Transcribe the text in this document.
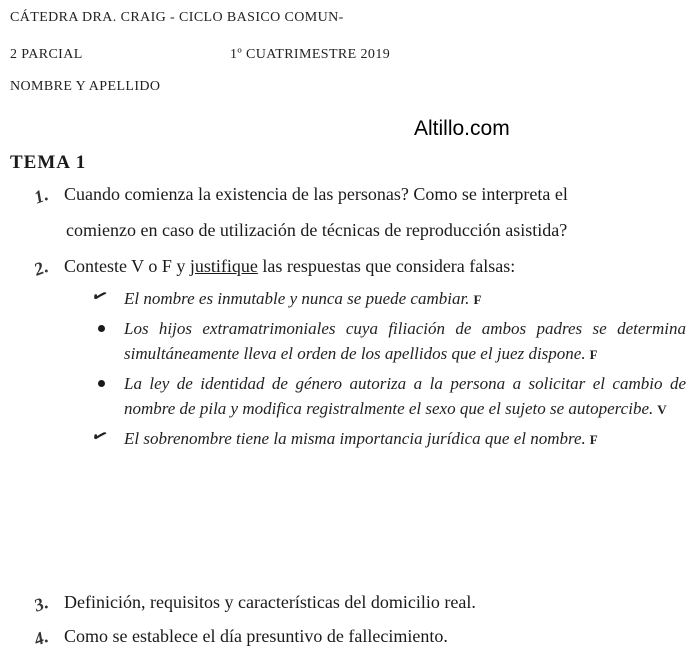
CÁTEDRA DRA. CRAIG - CICLO BASICO COMUN-
2 PARCIAL	1º CUATRIMESTRE 2019
NOMBRE Y APELLIDO
Altillo.com
TEMA 1
1. Cuando comienza la existencia de las personas? Como se interpreta el
comienzo en caso de utilización de técnicas de reproducción asistida?
2. Conteste V o F y justifique las respuestas que considera falsas:
✓ El nombre es inmutable y nunca se puede cambiar. F
Los hijos extramatrimoniales cuya filiación de ambos padres se determina simultáneamente lleva el orden de los apellidos que el juez dispone. F
La ley de identidad de género autoriza a la persona a solicitar el cambio de nombre de pila y modifica registralmente el sexo que el sujeto se autopercibe. V
✓ El sobrenombre tiene la misma importancia jurídica que el nombre. F
3. Definición, requisitos y características del domicilio real.
4. Como se establece el día presuntivo de fallecimiento.
